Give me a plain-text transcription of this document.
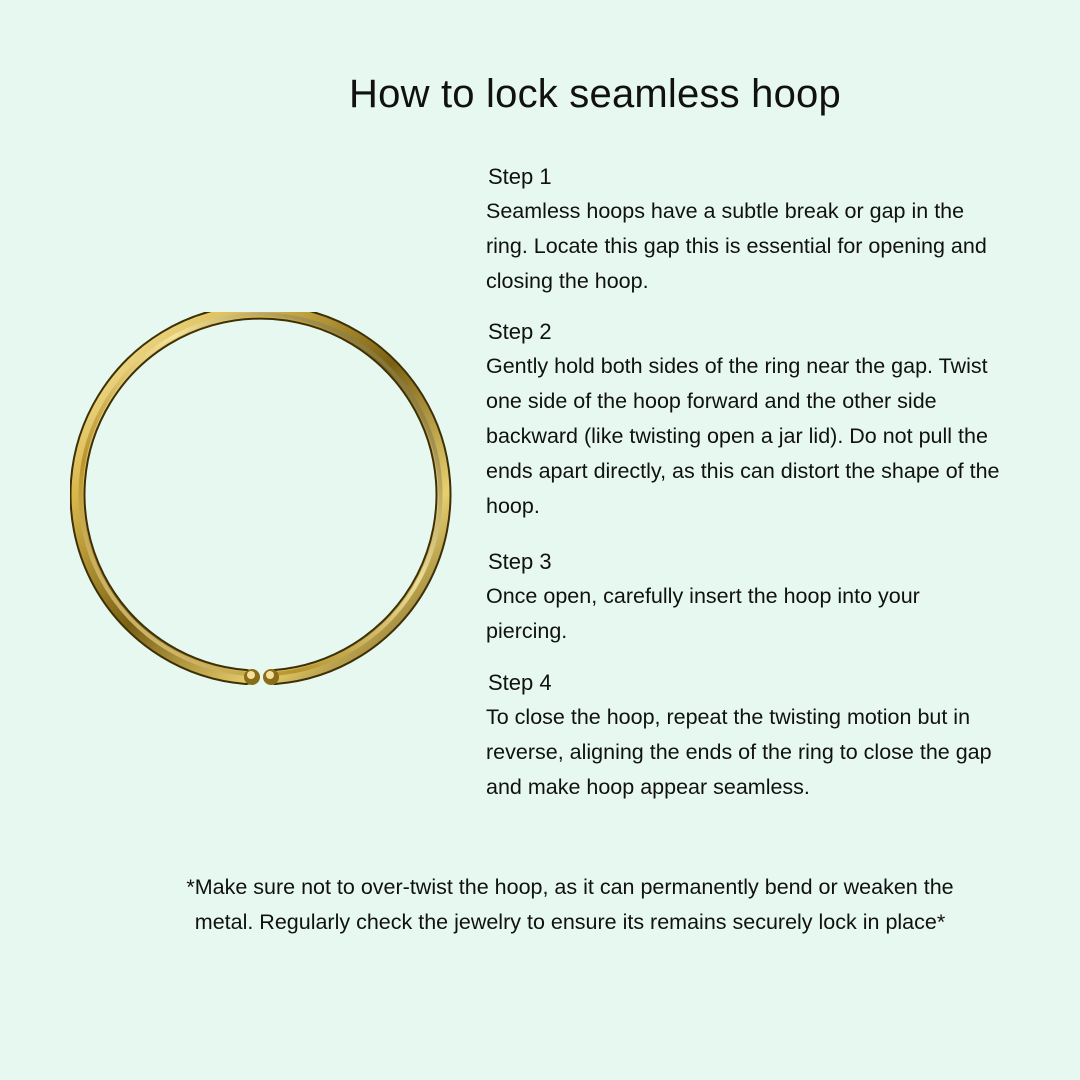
How to lock seamless hoop

Step 1

Seamless hoops have a subtle break or gap in the ring. Locate this gap this is essential for opening and closing the hoop.

Step 2

Gently hold both sides of the ring near the gap. Twist one side of the hoop forward and the other side backward (like twisting open a jar lid). Do not pull the ends apart directly, as this can distort the shape of the hoop.

Step 3

Once open, carefully insert the hoop into your piercing.

Step 4

To close the hoop, repeat the twisting motion but in reverse, aligning the ends of the ring to close the gap and make hoop appear seamless.

*Make sure not to over-twist the hoop, as it can permanently bend or weaken the metal. Regularly check the jewelry to ensure its remains securely lock in place*
